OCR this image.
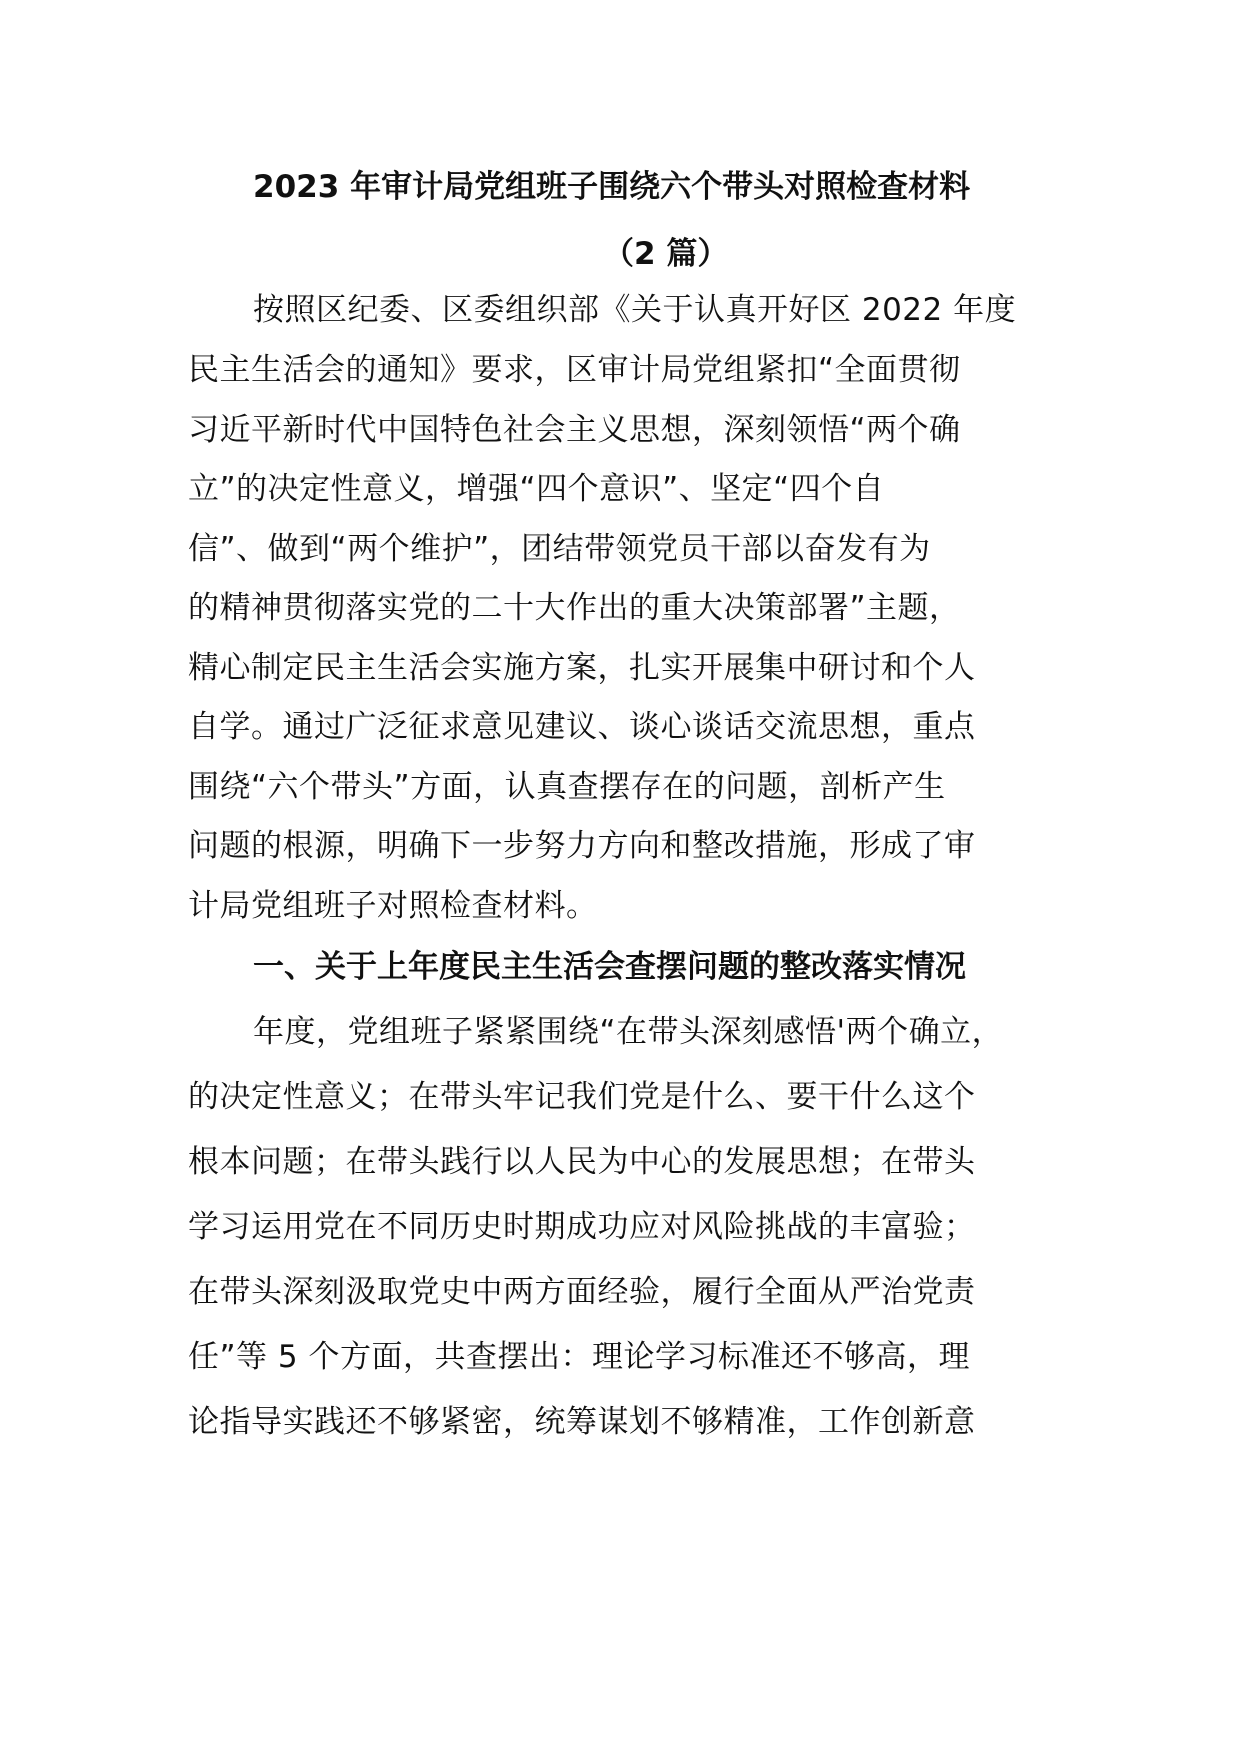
2023 年审计局党组班子围绕六个带头对照检查材料
（2 篇）
按照区纪委、区委组织部《关于认真开好区 2022 年度
民主生活会的通知》要求，区审计局党组紧扣“全面贯彻
习近平新时代中国特色社会主义思想，深刻领悟“两个确
立”的决定性意义，增强“四个意识”、坚定“四个自
信”、做到“两个维护”，团结带领党员干部以奋发有为
的精神贯彻落实党的二十大作出的重大决策部署”主题，
精心制定民主生活会实施方案，扎实开展集中研讨和个人
自学。通过广泛征求意见建议、谈心谈话交流思想，重点
围绕“六个带头”方面，认真查摆存在的问题，剖析产生
问题的根源，明确下一步努力方向和整改措施，形成了审
计局党组班子对照检查材料。
一、关于上年度民主生活会查摆问题的整改落实情况
年度，党组班子紧紧围绕“在带头深刻感悟'两个确立，
的决定性意义；在带头牢记我们党是什么、要干什么这个
根本问题；在带头践行以人民为中心的发展思想；在带头
学习运用党在不同历史时期成功应对风险挑战的丰富验；
在带头深刻汲取党史中两方面经验，履行全面从严治党责
任”等 5 个方面，共查摆出：理论学习标准还不够高，理
论指导实践还不够紧密，统筹谋划不够精准，工作创新意
